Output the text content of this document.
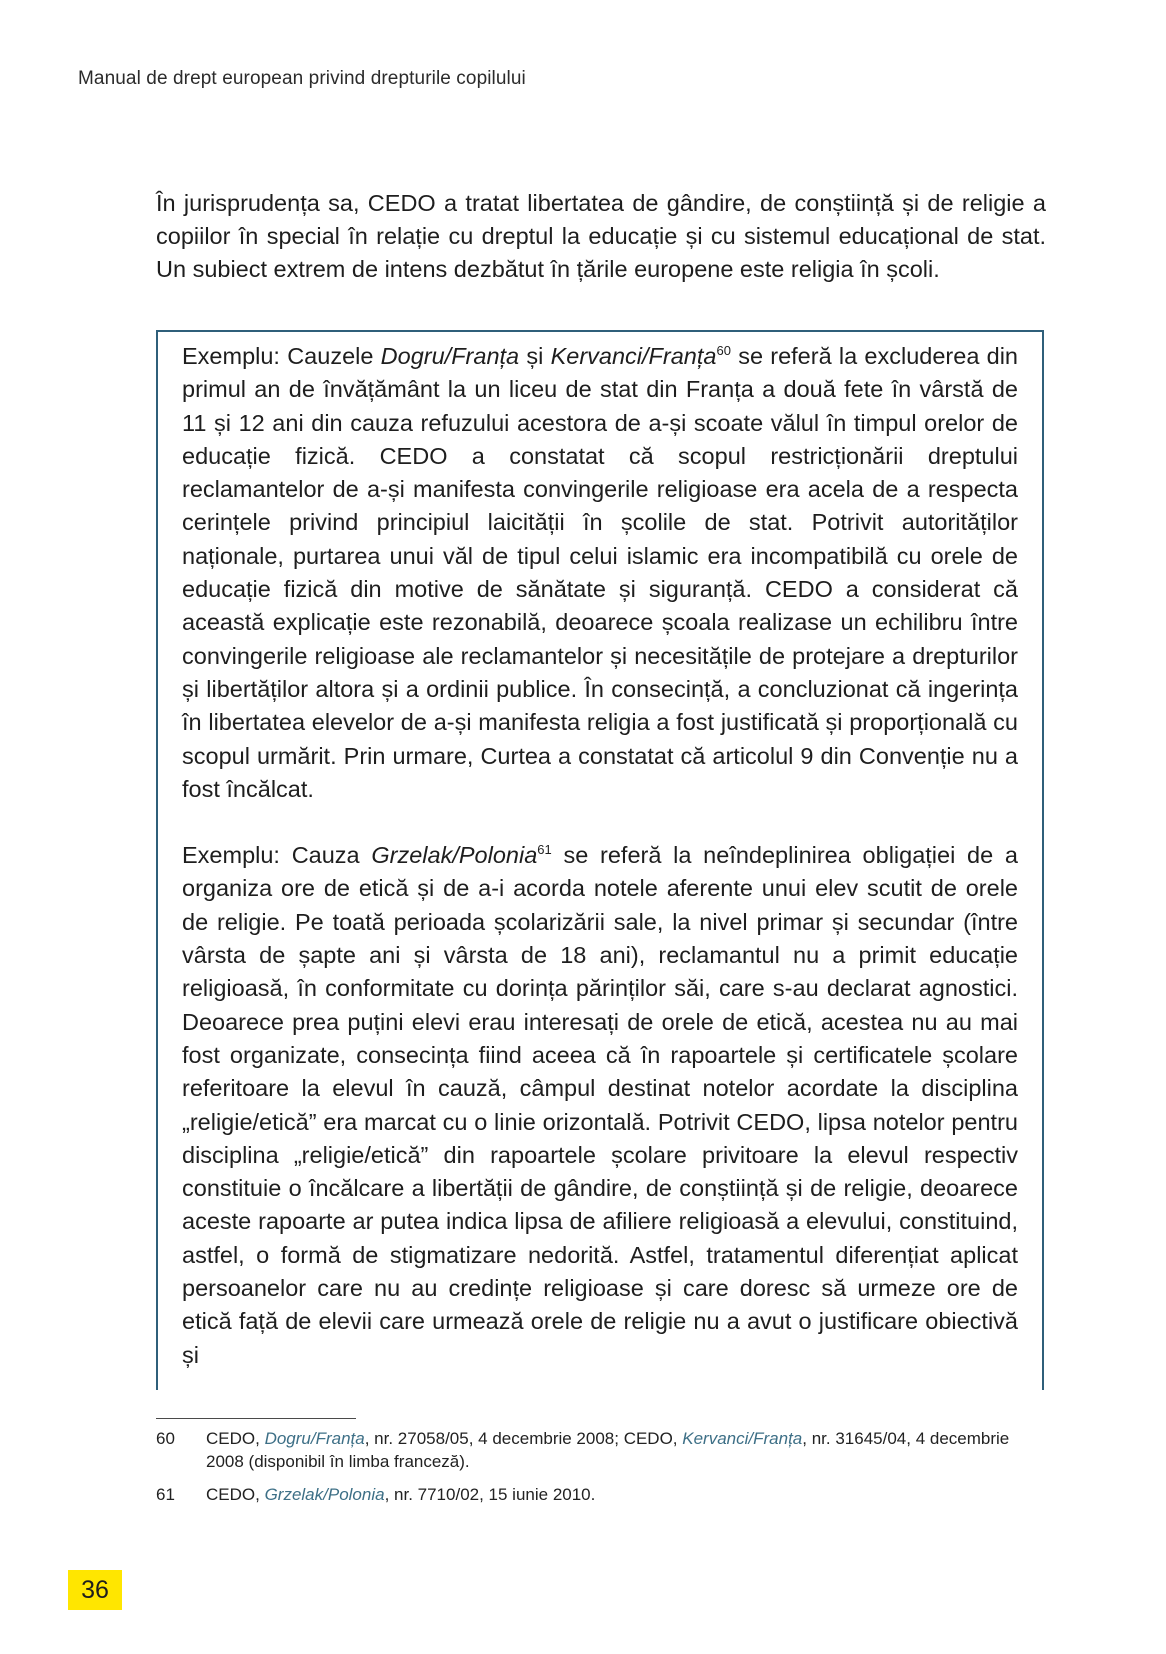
Manual de drept european privind drepturile copilului

În jurisprudența sa, CEDO a tratat libertatea de gândire, de conștiință și de religie a copiilor în special în relație cu dreptul la educație și cu sistemul educațional de stat. Un subiect extrem de intens dezbătut în țările europene este religia în școli.

Exemplu: Cauzele Dogru/Franța și Kervanci/Franța$^{60}$ se referă la excluderea din primul an de învățământ la un liceu de stat din Franța a două fete în vârstă de 11 și 12 ani din cauza refuzului acestora de a-și scoate vălul în timpul orelor de educație fizică. CEDO a constatat că scopul restricționării dreptului reclamantelor de a-și manifesta convingerile religioase era acela de a respecta cerințele privind principiul laicității în școlile de stat. Potrivit autorităților naționale, purtarea unui văl de tipul celui islamic era incompatibilă cu orele de educație fizică din motive de sănătate și siguranță. CEDO a considerat că această explicație este rezonabilă, deoarece școala realizase un echilibru între convingerile religioase ale reclamantelor și necesitățile de protejare a drepturilor și libertăților altora și a ordinii publice. În consecință, a concluzionat că ingerința în libertatea elevelor de a-și manifesta religia a fost justificată și proporțională cu scopul urmărit. Prin urmare, Curtea a constatat că articolul 9 din Convenție nu a fost încălcat.

Exemplu: Cauza Grzelak/Polonia$^{61}$ se referă la neîndeplinirea obligației de a organiza ore de etică și de a-i acorda notele aferente unui elev scutit de orele de religie. Pe toată perioada școlarizării sale, la nivel primar și secundar (între vârsta de șapte ani și vârsta de 18 ani), reclamantul nu a primit educație religioasă, în conformitate cu dorința părinților săi, care s-au declarat agnostici. Deoarece prea puțini elevi erau interesați de orele de etică, acestea nu au mai fost organizate, consecința fiind aceea că în rapoartele și certificatele școlare referitoare la elevul în cauză, câmpul destinat notelor acordate la disciplina „religie/etică” era marcat cu o linie orizontală. Potrivit CEDO, lipsa notelor pentru disciplina „religie/etică” din rapoartele școlare privitoare la elevul respectiv constituie o încălcare a libertății de gândire, de conștiință și de religie, deoarece aceste rapoarte ar putea indica lipsa de afiliere religioasă a elevului, constituind, astfel, o formă de stigmatizare nedorită. Astfel, tratamentul diferențiat aplicat persoanelor care nu au credințe religioase și care doresc să urmeze ore de etică față de elevii care urmează orele de religie nu a avut o justificare obiectivă și

60	CEDO, Dogru/Franța, nr. 27058/05, 4 decembrie 2008; CEDO, Kervanci/Franța, nr. 31645/04, 4 decembrie 2008 (disponibil în limba franceză).
61	CEDO, Grzelak/Polonia, nr. 7710/02, 15 iunie 2010.
36
